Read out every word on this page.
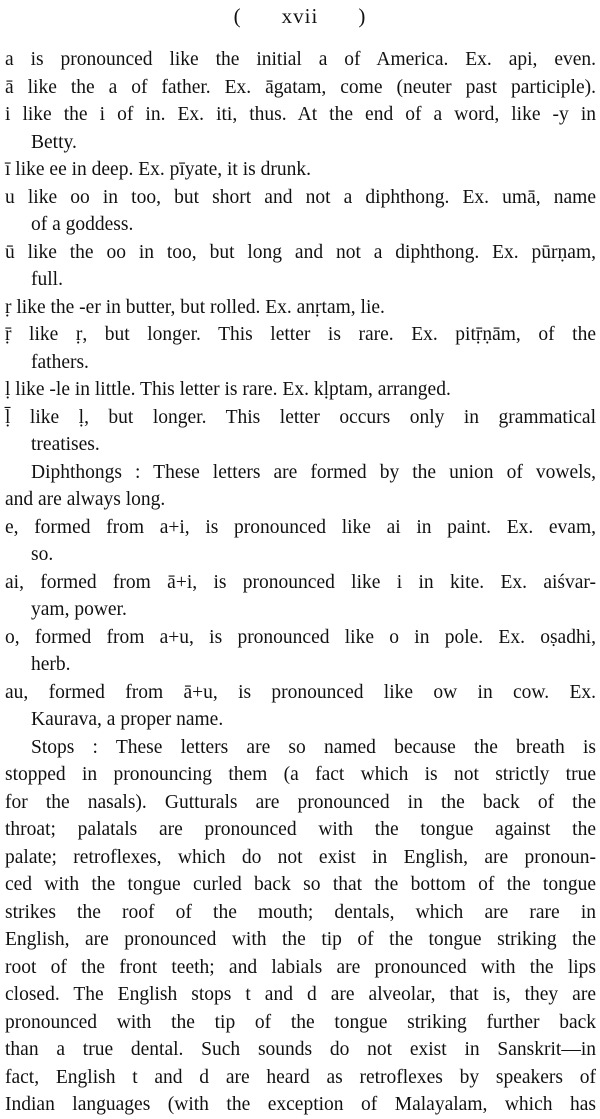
( xvii )
a is pronounced like the initial a of America. Ex. api, even.
ā like the a of father. Ex. āgatam, come (neuter past participle).
i like the i of in. Ex. iti, thus. At the end of a word, like -y in
Betty.
ī like ee in deep. Ex. pīyate, it is drunk.
u like oo in too, but short and not a diphthong. Ex. umā, name
of a goddess.
ū like the oo in too, but long and not a diphthong. Ex. pūrṇam,
full.
ṛ like the -er in butter, but rolled. Ex. anṛtam, lie.
ṝ like ṛ, but longer. This letter is rare. Ex. pitṝṇām, of the
fathers.
ḷ like -le in little. This letter is rare. Ex. kḷptam, arranged.
ḹ like ḷ, but longer. This letter occurs only in grammatical
treatises.
Diphthongs : These letters are formed by the union of vowels,
and are always long.
e, formed from a+i, is pronounced like ai in paint. Ex. evam,
so.
ai, formed from ā+i, is pronounced like i in kite. Ex. aiśvar-
yam, power.
o, formed from a+u, is pronounced like o in pole. Ex. oṣadhi,
herb.
au, formed from ā+u, is pronounced like ow in cow. Ex.
Kaurava, a proper name.
Stops : These letters are so named because the breath is
stopped in pronouncing them (a fact which is not strictly true
for the nasals). Gutturals are pronounced in the back of the
throat; palatals are pronounced with the tongue against the
palate; retroflexes, which do not exist in English, are pronoun-
ced with the tongue curled back so that the bottom of the tongue
strikes the roof of the mouth; dentals, which are rare in
English, are pronounced with the tip of the tongue striking the
root of the front teeth; and labials are pronounced with the lips
closed. The English stops t and d are alveolar, that is, they are
pronounced with the tip of the tongue striking further back
than a true dental. Such sounds do not exist in Sanskrit—in
fact, English t and d are heard as retroflexes by speakers of
Indian languages (with the exception of Malayalam, which has
